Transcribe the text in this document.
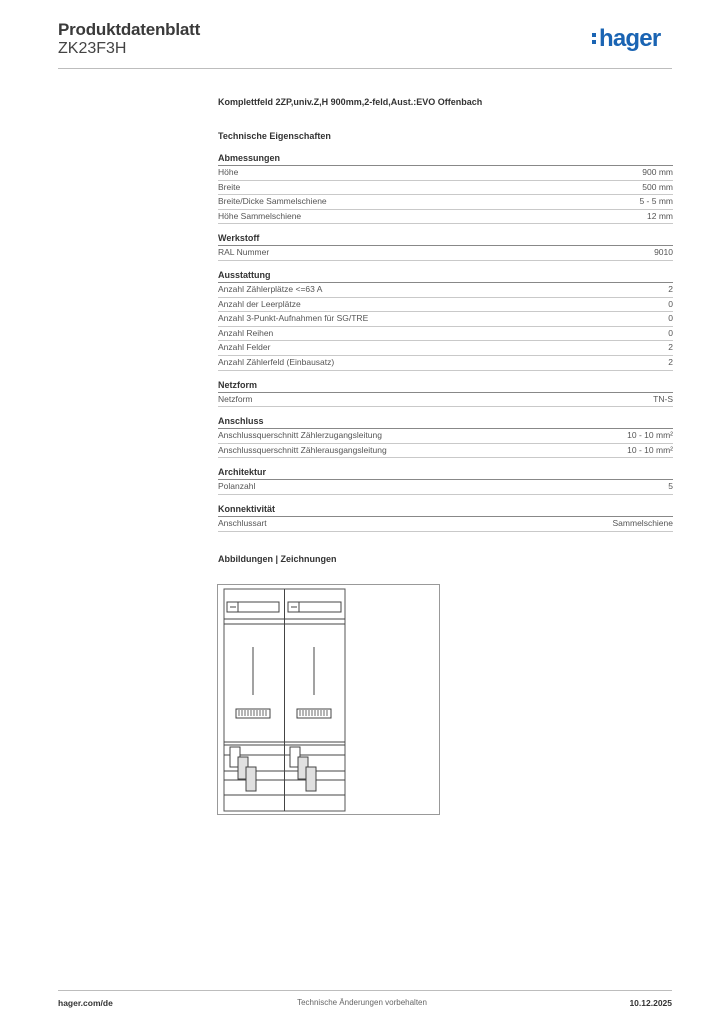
Produktdatenblatt
ZK23F3H	hager
Komplettfeld 2ZP,univ.Z,H 900mm,2-feld,Aust.:EVO Offenbach
Technische Eigenschaften
Abmessungen
Höhe	900 mm
Breite	500 mm
Breite/Dicke Sammelschiene	5 - 5 mm
Höhe Sammelschiene	12 mm
Werkstoff
RAL Nummer	9010
Ausstattung
Anzahl Zählerplätze <=63 A	2
Anzahl der Leerplätze	0
Anzahl 3-Punkt-Aufnahmen für SG/TRE	0
Anzahl Reihen	0
Anzahl Felder	2
Anzahl Zählerfeld (Einbausatz)	2
Netzform
Netzform	TN-S
Anschluss
Anschlussquerschnitt Zählerzugangsleitung	10 - 10 mm²
Anschlussquerschnitt Zählerausgangsleitung	10 - 10 mm²
Architektur
Polanzahl	5
Konnektivität
Anschlussart	Sammelschiene
Abbildungen | Zeichnungen
hager.com/de	Technische Änderungen vorbehalten	10.12.2025
